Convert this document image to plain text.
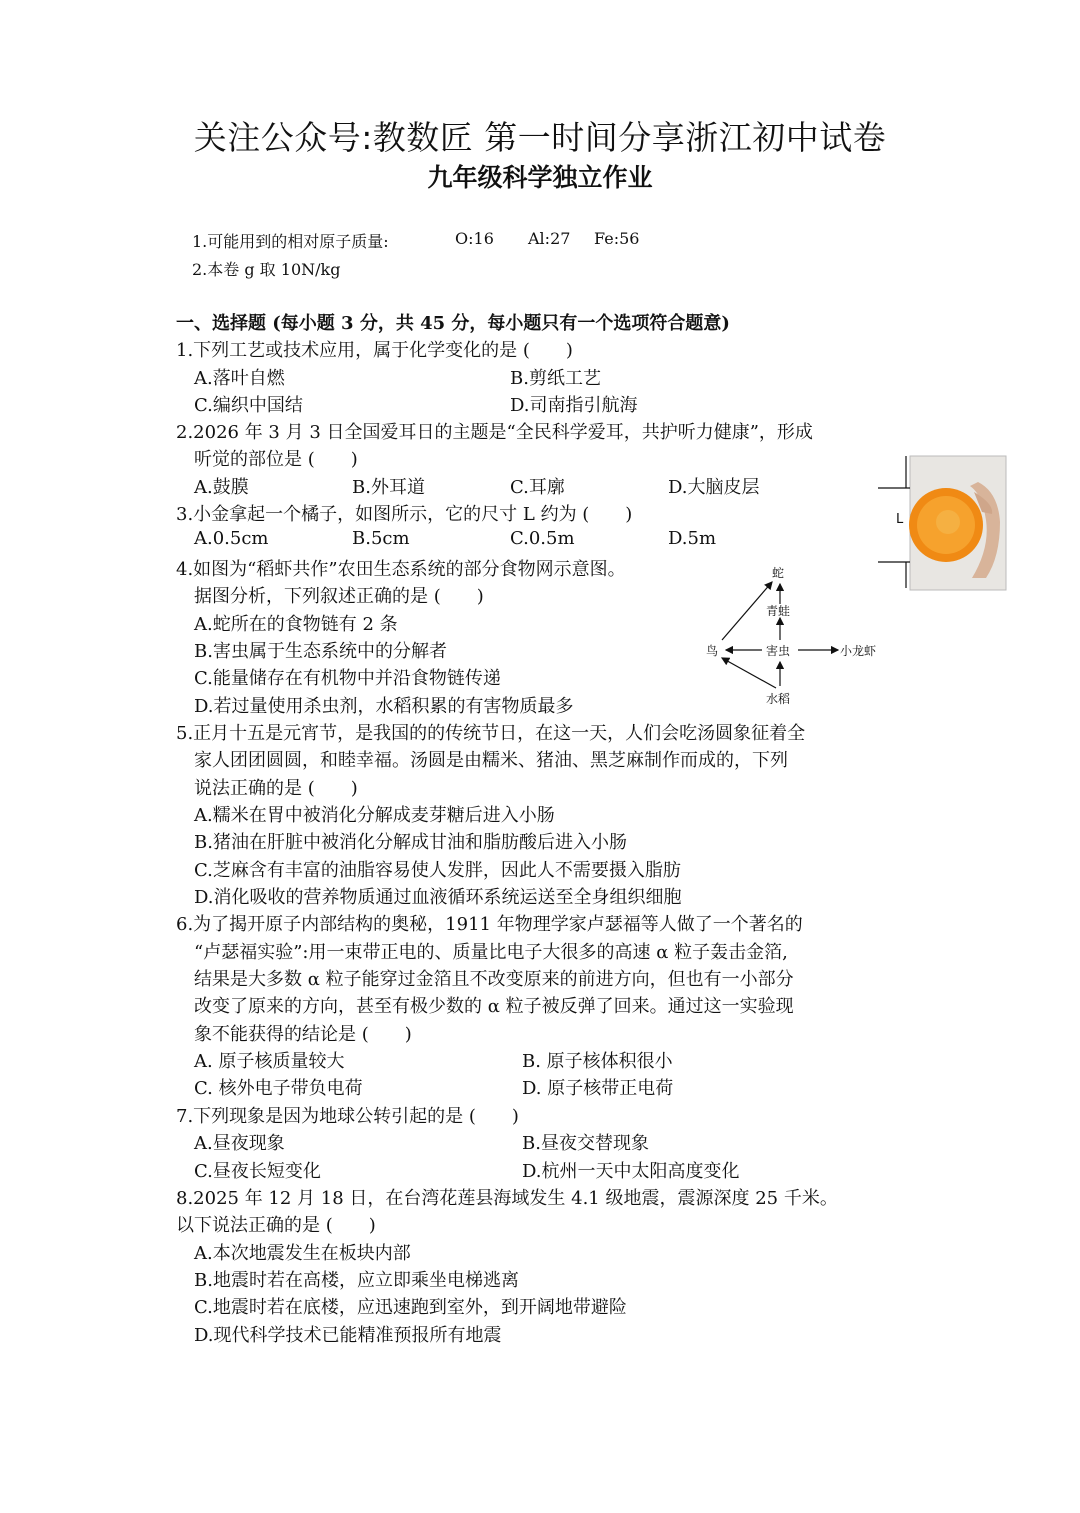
关注公众号:教数匠 第一时间分享浙江初中试卷
九年级科学独立作业
1.可能用到的相对原子质量:	O:16 Al:27 Fe:56
2.本卷 g 取 10N/kg
一、选择题 (每小题 3 分，共 45 分，每小题只有一个选项符合题意)
1.下列工艺或技术应用，属于化学变化的是 (　　)
A.落叶自燃	B.剪纸工艺
C.编织中国结	D.司南指引航海
2.2026 年 3 月 3 日全国爱耳日的主题是“全民科学爱耳，共护听力健康”，形成
听觉的部位是 (　　)
A.鼓膜	B.外耳道	C.耳廓	D.大脑皮层
3.小金拿起一个橘子，如图所示，它的尺寸 L 约为 (　　)
A.0.5cm	B.5cm	C.0.5m	D.5m
L
4.如图为“稻虾共作”农田生态系统的部分食物网示意图。
据图分析，下列叙述正确的是 (　　)
A.蛇所在的食物链有 2 条
B.害虫属于生态系统中的分解者
C.能量储存在有机物中并沿食物链传递
D.若过量使用杀虫剂，水稻积累的有害物质最多
蛇
青蛙
鸟	害虫	小龙虾
水稻
5.正月十五是元宵节，是我国的的传统节日，在这一天，人们会吃汤圆象征着全
家人团团圆圆，和睦幸福。汤圆是由糯米、猪油、黑芝麻制作而成的，下列
说法正确的是 (　　)
A.糯米在胃中被消化分解成麦芽糖后进入小肠
B.猪油在肝脏中被消化分解成甘油和脂肪酸后进入小肠
C.芝麻含有丰富的油脂容易使人发胖，因此人不需要摄入脂肪
D.消化吸收的营养物质通过血液循环系统运送至全身组织细胞
6.为了揭开原子内部结构的奥秘，1911 年物理学家卢瑟福等人做了一个著名的
“卢瑟福实验”:用一束带正电的、质量比电子大很多的高速 α 粒子轰击金箔,
结果是大多数 α 粒子能穿过金箔且不改变原来的前进方向，但也有一小部分
改变了原来的方向，甚至有极少数的 α 粒子被反弹了回来。通过这一实验现
象不能获得的结论是 (　　)
A. 原子核质量较大	B. 原子核体积很小
C. 核外电子带负电荷	D. 原子核带正电荷
7.下列现象是因为地球公转引起的是 (　　)
A.昼夜现象	B.昼夜交替现象
C.昼夜长短变化	D.杭州一天中太阳高度变化
8.2025 年 12 月 18 日，在台湾花莲县海域发生 4.1 级地震，震源深度 25 千米。
以下说法正确的是 (　　)
A.本次地震发生在板块内部
B.地震时若在高楼，应立即乘坐电梯逃离
C.地震时若在底楼，应迅速跑到室外，到开阔地带避险
D.现代科学技术已能精准预报所有地震
